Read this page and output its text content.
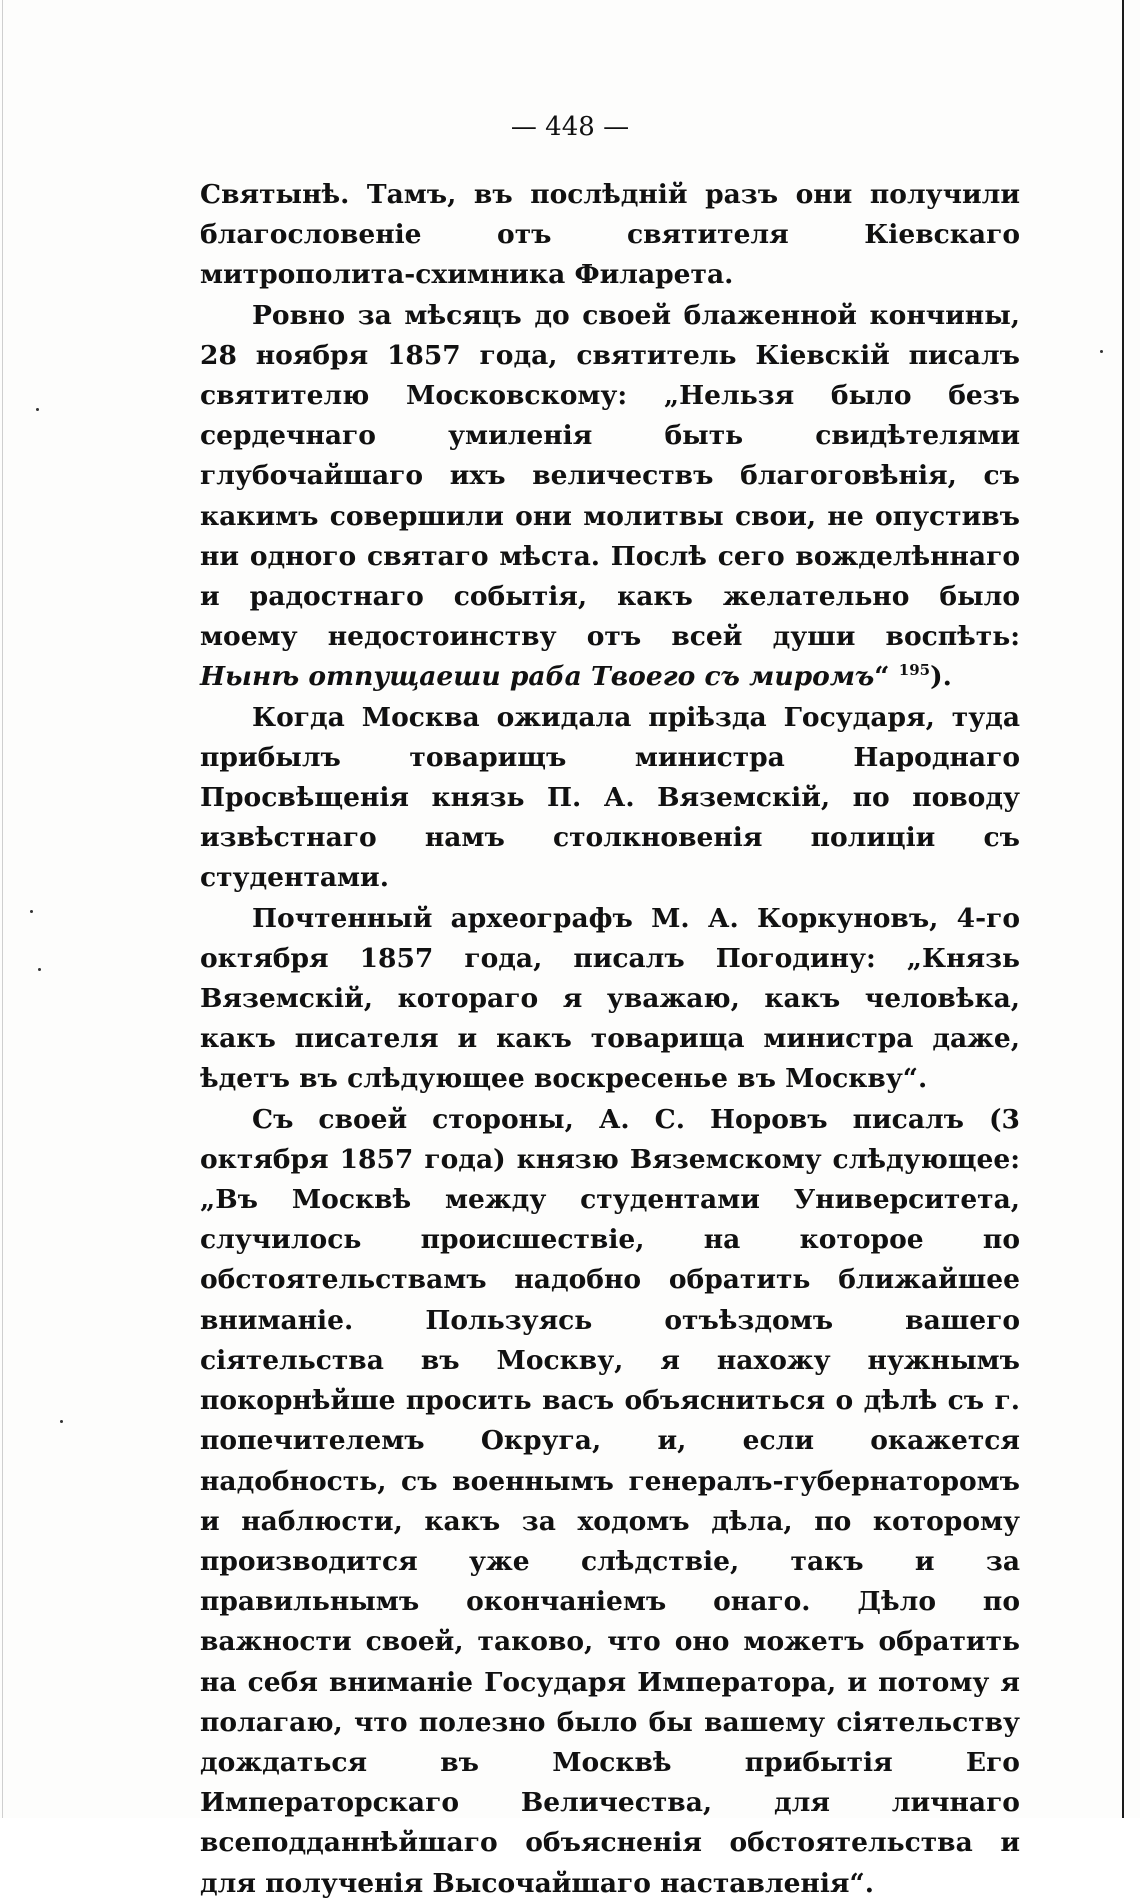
— 448 —

Святынѣ. Тамъ, въ послѣдній разъ они получили благословеніе отъ святителя Кіевскаго митрополита-схимника Филарета.

Ровно за мѣсяцъ до своей блаженной кончины, 28 ноября 1857 года, святитель Кіевскій писалъ святителю Московскому: „Нельзя было безъ сердечнаго умиленія быть свидѣтелями глубочайшаго ихъ величествъ благоговѣнія, съ какимъ совершили они молитвы свои, не опустивъ ни одного святаго мѣста. Послѣ сего вожделѣннаго и радостнаго событія, какъ желательно было моему недостоинству отъ всей души воспѣть: Нынѣ отпущаеши раба Твоего съ миромъ“ $^{195}$).

Когда Москва ожидала пріѣзда Государя, туда прибылъ товарищъ министра Народнаго Просвѣщенія князь П. А. Вяземскій, по поводу извѣстнаго намъ столкновенія полиціи съ студентами.

Почтенный археографъ М. А. Коркуновъ, 4-го октября 1857 года, писалъ Погодину: „Князь Вяземскій, котораго я уважаю, какъ человѣка, какъ писателя и какъ товарища министра даже, ѣдетъ въ слѣдующее воскресенье въ Москву“.

Съ своей стороны, А. С. Норовъ писалъ (3 октября 1857 года) князю Вяземскому слѣдующее: „Въ Москвѣ между студентами Университета, случилось происшествіе, на которое по обстоятельствамъ надобно обратить ближайшее вниманіе. Пользуясь отъѣздомъ вашего сіятельства въ Москву, я нахожу нужнымъ покорнѣйше просить васъ объясниться о дѣлѣ съ г. попечителемъ Округа, и, если окажется надобность, съ военнымъ генералъ-губернаторомъ и наблюсти, какъ за ходомъ дѣла, по которому производится уже слѣдствіе, такъ и за правильнымъ окончаніемъ онаго. Дѣло по важности своей, таково, что оно можетъ обратить на себя вниманіе Государя Императора, и потому я полагаю, что полезно было бы вашему сіятельству дождаться въ Москвѣ прибытія Его Императорскаго Величества, для личнаго всеподданнѣйшаго объясненія обстоятельства и для полученія Высочайшаго наставленія“.
